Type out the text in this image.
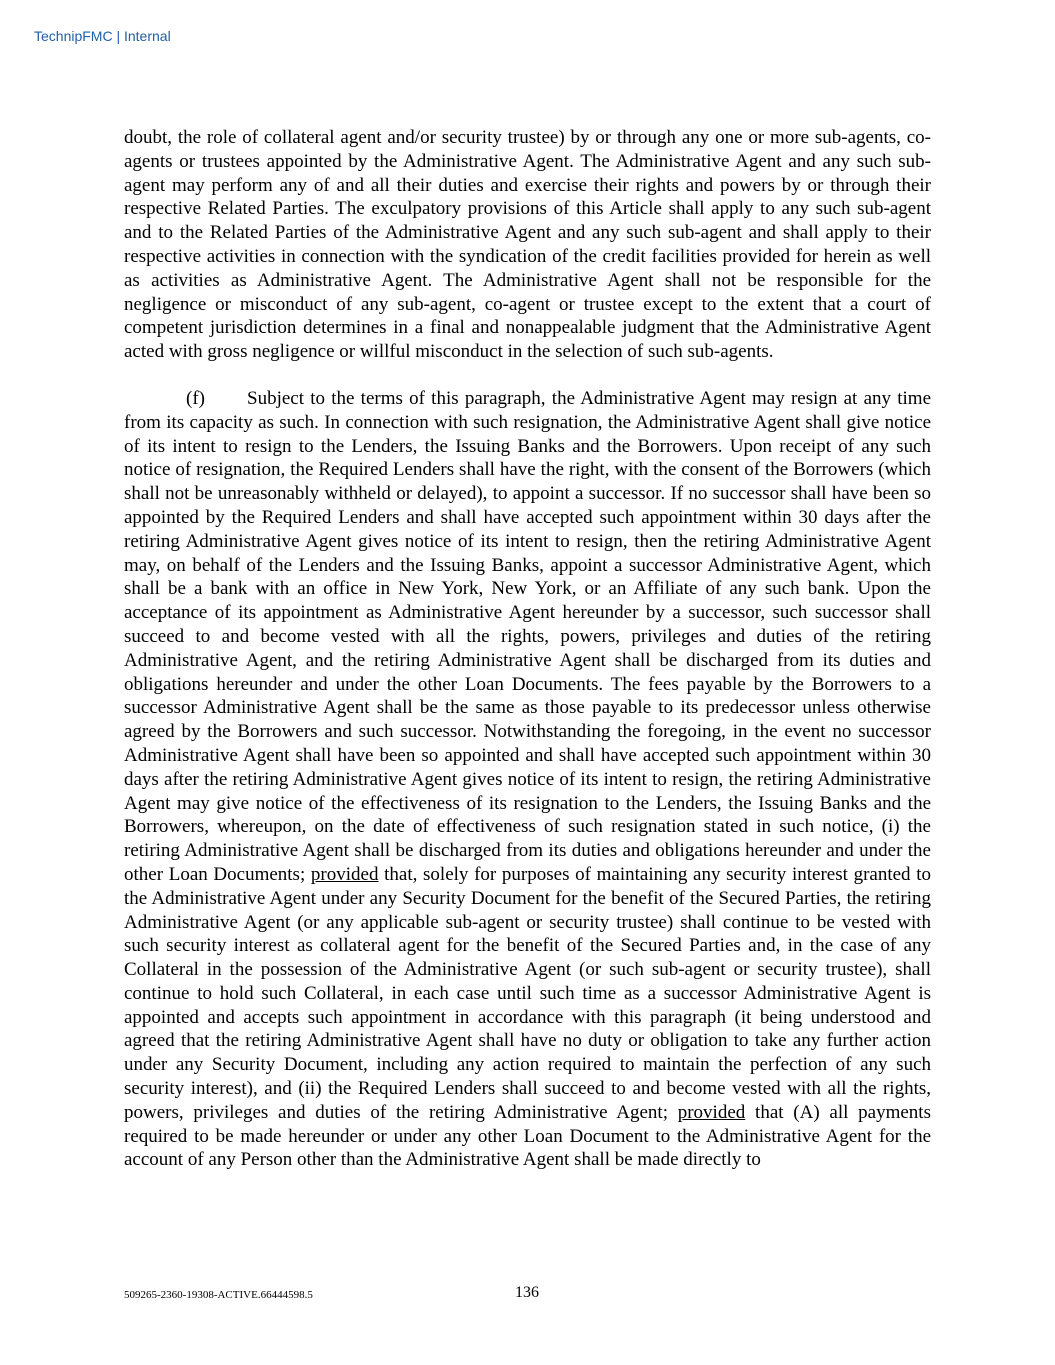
TechnipFMC | Internal

doubt, the role of collateral agent and/or security trustee) by or through any one or more sub-agents, co-agents or trustees appointed by the Administrative Agent. The Administrative Agent and any such sub-agent may perform any of and all their duties and exercise their rights and powers by or through their respective Related Parties. The exculpatory provisions of this Article shall apply to any such sub-agent and to the Related Parties of the Administrative Agent and any such sub-agent and shall apply to their respective activities in connection with the syndication of the credit facilities provided for herein as well as activities as Administrative Agent. The Administrative Agent shall not be responsible for the negligence or misconduct of any sub-agent, co-agent or trustee except to the extent that a court of competent jurisdiction determines in a final and nonappealable judgment that the Administrative Agent acted with gross negligence or willful misconduct in the selection of such sub-agents.

(f) Subject to the terms of this paragraph, the Administrative Agent may resign at any time from its capacity as such. In connection with such resignation, the Administrative Agent shall give notice of its intent to resign to the Lenders, the Issuing Banks and the Borrowers. Upon receipt of any such notice of resignation, the Required Lenders shall have the right, with the consent of the Borrowers (which shall not be unreasonably withheld or delayed), to appoint a successor. If no successor shall have been so appointed by the Required Lenders and shall have accepted such appointment within 30 days after the retiring Administrative Agent gives notice of its intent to resign, then the retiring Administrative Agent may, on behalf of the Lenders and the Issuing Banks, appoint a successor Administrative Agent, which shall be a bank with an office in New York, New York, or an Affiliate of any such bank. Upon the acceptance of its appointment as Administrative Agent hereunder by a successor, such successor shall succeed to and become vested with all the rights, powers, privileges and duties of the retiring Administrative Agent, and the retiring Administrative Agent shall be discharged from its duties and obligations hereunder and under the other Loan Documents. The fees payable by the Borrowers to a successor Administrative Agent shall be the same as those payable to its predecessor unless otherwise agreed by the Borrowers and such successor. Notwithstanding the foregoing, in the event no successor Administrative Agent shall have been so appointed and shall have accepted such appointment within 30 days after the retiring Administrative Agent gives notice of its intent to resign, the retiring Administrative Agent may give notice of the effectiveness of its resignation to the Lenders, the Issuing Banks and the Borrowers, whereupon, on the date of effectiveness of such resignation stated in such notice, (i) the retiring Administrative Agent shall be discharged from its duties and obligations hereunder and under the other Loan Documents; provided that, solely for purposes of maintaining any security interest granted to the Administrative Agent under any Security Document for the benefit of the Secured Parties, the retiring Administrative Agent (or any applicable sub-agent or security trustee) shall continue to be vested with such security interest as collateral agent for the benefit of the Secured Parties and, in the case of any Collateral in the possession of the Administrative Agent (or such sub-agent or security trustee), shall continue to hold such Collateral, in each case until such time as a successor Administrative Agent is appointed and accepts such appointment in accordance with this paragraph (it being understood and agreed that the retiring Administrative Agent shall have no duty or obligation to take any further action under any Security Document, including any action required to maintain the perfection of any such security interest), and (ii) the Required Lenders shall succeed to and become vested with all the rights, powers, privileges and duties of the retiring Administrative Agent; provided that (A) all payments required to be made hereunder or under any other Loan Document to the Administrative Agent for the account of any Person other than the Administrative Agent shall be made directly to

509265-2360-19308-ACTIVE.66444598.5	136
